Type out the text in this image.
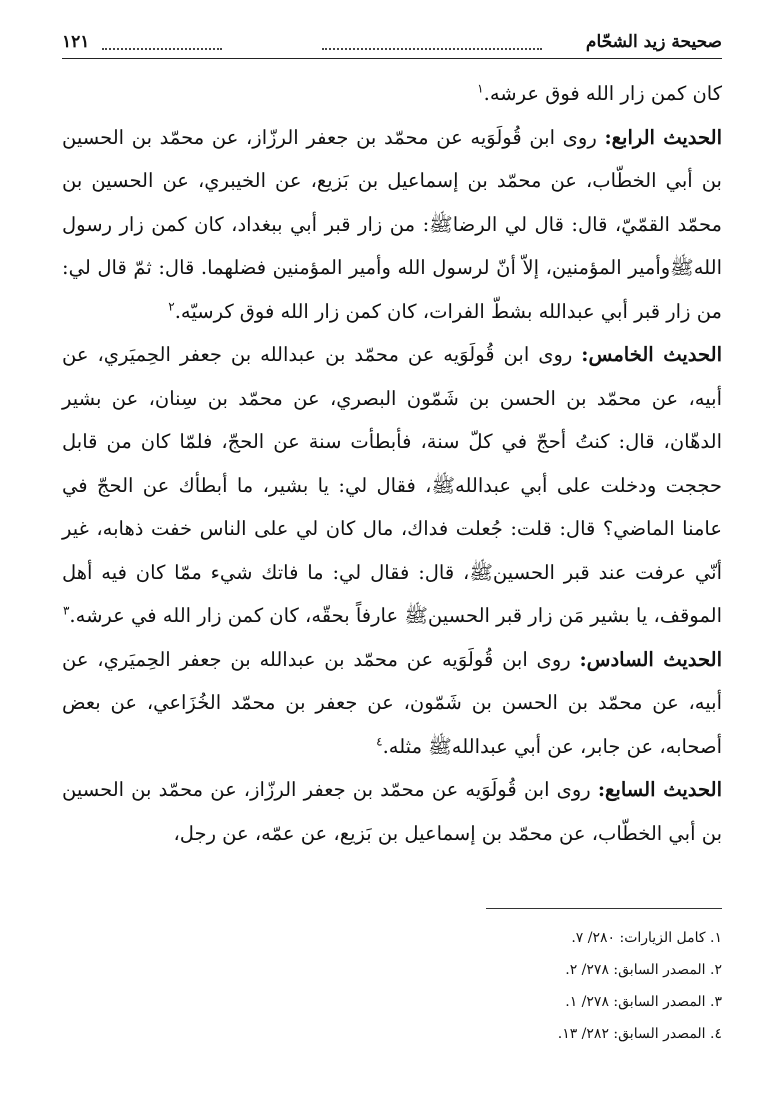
صحيحة زيد الشحّام
١٢١

كان كمن زار الله فوق عرشه.$^١$

الحديث الرابع: روى ابن قُولَوَيه عن محمّد بن جعفر الرزّاز، عن محمّد بن الحسين بن أبي الخطّاب، عن محمّد بن إسماعيل بن بَزيع، عن الخيبري، عن الحسين بن محمّد القمّيّ، قال: قال لي الرضاﷺ: من زار قبر أبي ببغداد، كان كمن زار رسول اللهﷺوأمير المؤمنين، إلاّ أنّ لرسول الله وأمير المؤمنين فضلهما. قال: ثمّ قال لي: من زار قبر أبي عبدالله بشطّ الفرات، كان كمن زار الله فوق كرسيّه.$^٢$

الحديث الخامس: روى ابن قُولَوَيه عن محمّد بن عبدالله بن جعفر الحِميَري، عن أبيه، عن محمّد بن الحسن بن شَمّون البصري، عن محمّد بن سِنان، عن بشير الدهّان، قال: كنتُ أحجّ في كلّ سنة، فأبطأت سنة عن الحجّ، فلمّا كان من قابل حججت ودخلت على أبي عبداللهﷺ، فقال لي: يا بشير، ما أبطأك عن الحجّ في عامنا الماضي؟ قال: قلت: جُعلت فداك، مال كان لي على الناس خفت ذهابه، غير أنّي عرفت عند قبر الحسينﷺ، قال: فقال لي: ما فاتك شيء ممّا كان فيه أهل الموقف، يا بشير مَن زار قبر الحسينﷺ عارفاً بحقّه، كان كمن زار الله في عرشه.$^٣$

الحديث السادس: روى ابن قُولَوَيه عن محمّد بن عبدالله بن جعفر الحِميَري، عن أبيه، عن محمّد بن الحسن بن شَمّون، عن جعفر بن محمّد الخُزَاعي، عن بعض أصحابه، عن جابر، عن أبي عبداللهﷺ مثله.$^٤$

الحديث السابع: روى ابن قُولَوَيه عن محمّد بن جعفر الرزّاز، عن محمّد بن الحسين بن أبي الخطّاب، عن محمّد بن إسماعيل بن بَزيع، عن عمّه، عن رجل،

١. كامل الزيارات: ٢٨٠/ ٧.

٢. المصدر السابق: ٢٧٨/ ٢.

٣. المصدر السابق: ٢٧٨/ ١.

٤. المصدر السابق: ٢٨٢/ ١٣.
